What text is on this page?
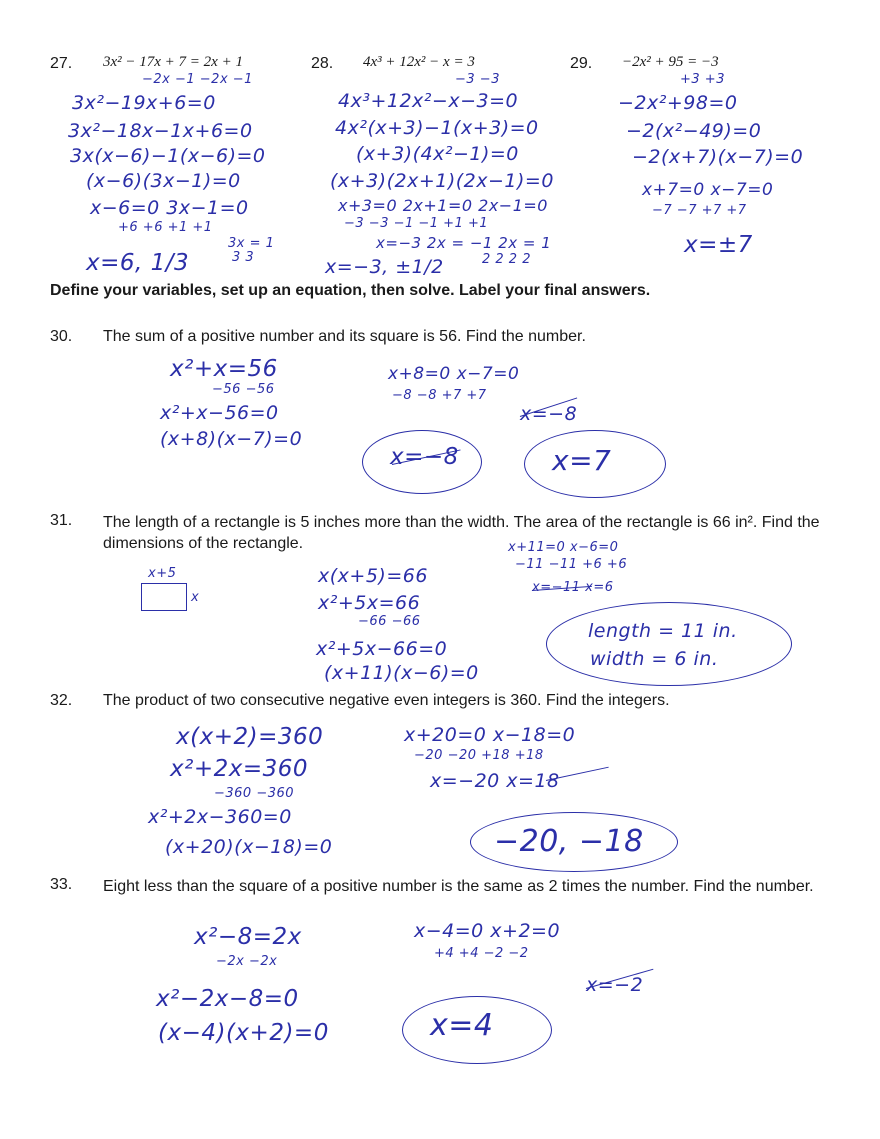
27. 3x² − 17x + 7 = 2x + 1	28. 4x³ + 12x² − x = 3	29. −2x² + 95 = −3
−2x −1 −2x −1
3x²−19x+6=0
3x²−18x−1x+6=0
3x(x−6)−1(x−6)=0
(x−6)(3x−1)=0
x−6=0 3x−1=0
+6 +6 +1 +1
3x = 1
3 3
x=6, 1/3
−3 −3
4x³+12x²−x−3=0
4x²(x+3)−1(x+3)=0
(x+3)(4x²−1)=0
(x+3)(2x+1)(2x−1)=0
x+3=0 2x+1=0 2x−1=0
−3 −3 −1 −1 +1 +1
x=−3 2x = −1 2x = 1
2 2 2 2
x=−3, ±1/2
+3 +3
−2x²+98=0
−2(x²−49)=0
−2(x+7)(x−7)=0
x+7=0 x−7=0
−7 −7 +7 +7
x=±7
Define your variables, set up an equation, then solve. Label your final answers.
30. The sum of a positive number and its square is 56. Find the number.
x²+x=56
−56 −56
x²+x−56=0
(x+8)(x−7)=0
x+8=0 x−7=0
−8 −8 +7 +7
x=−8
x=−8	x=7
31. The length of a rectangle is 5 inches more than the width. The area of the rectangle is 66 in². Find the dimensions of the rectangle.
x+5
x
x(x+5)=66
x²+5x=66
−66 −66
x²+5x−66=0
(x+11)(x−6)=0
x+11=0 x−6=0
−11 −11 +6 +6
x=−11 x=6
length = 11 in.
width = 6 in.
32. The product of two consecutive negative even integers is 360. Find the integers.
x(x+2)=360
x²+2x=360
−360 −360
x²+2x−360=0
(x+20)(x−18)=0
x+20=0 x−18=0
−20 −20 +18 +18
x=−20 x=18
−20, −18
33. Eight less than the square of a positive number is the same as 2 times the number. Find the number.
x²−8=2x
−2x −2x
x²−2x−8=0
(x−4)(x+2)=0
x−4=0 x+2=0
+4 +4 −2 −2
x=−2
x=4
